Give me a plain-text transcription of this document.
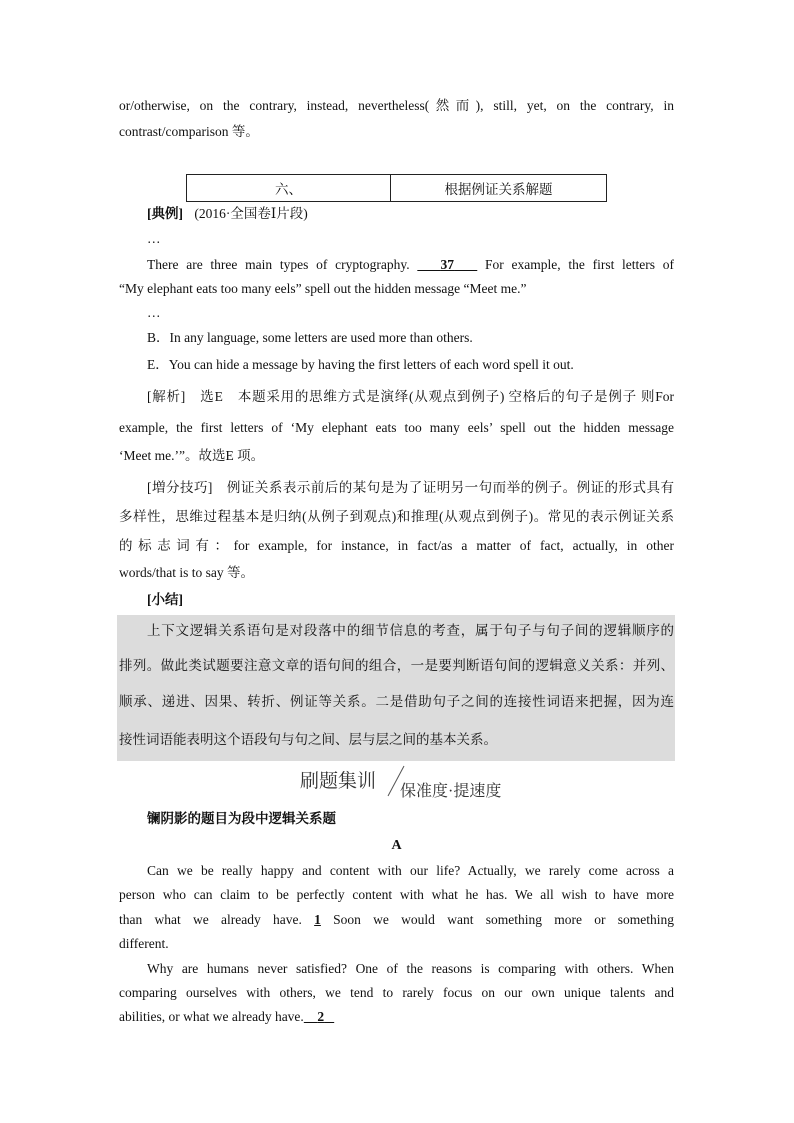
or/otherwise, on the contrary, instead, nevertheless(然而), still, yet, on the contrary, in
contrast/comparison 等。
六、	根据例证关系解题
[典例] (2016·全国卷Ⅰ片段)
…
There are three main types of cryptography. 37 For example, the first letters of
“My elephant eats too many eels” spell out the hidden message “Meet me.”
…
B．In any language, some letters are used more than others.
E．You can hide a message by having the first letters of each word spell it out.
[解析]　选E　本题采用的思维方式是演绎(从观点到例子) 空格后的句子是例子 则For
example, the first letters of ‘My elephant eats too many eels’ spell out the hidden message
‘Meet me.’”。故选E 项。
[増分技巧]　例证关系表示前后的某句是为了证明另一句而举的例子。例证的形式具有
多样性，思维过程基本是归纳(从例子到观点)和推理(从观点到例子)。常见的表示例证关系
的标志词有：for example, for instance, in fact/as a matter of fact, actually, in other
words/that is to say 等。
[小结]
上下文逻辑关系语句是对段落中的细节信息的考查，属于句子与句子间的逻辑顺序的
排列。做此类试题要注意文章的语句间的组合，一是要判断语句间的逻辑意义关系：并列、
顺承、递进、因果、转折、例证等关系。二是借助句子之间的连接性词语来把握，因为连
接性词语能表明这个语段句与句之间、层与层之间的基本关系。
刷题集训 保准度·提速度
镧阴影的题目为段中逻辑关系题
A
Can we be really happy and content with our life? Actually, we rarely come across a
person who can claim to be perfectly content with what he has. We all wish to have more
than what we already have. 1 Soon we would want something more or something
different.
Why are humans never satisfied? One of the reasons is comparing with others. When
comparing ourselves with others, we tend to rarely focus on our own unique talents and
abilities, or what we already have. 2
